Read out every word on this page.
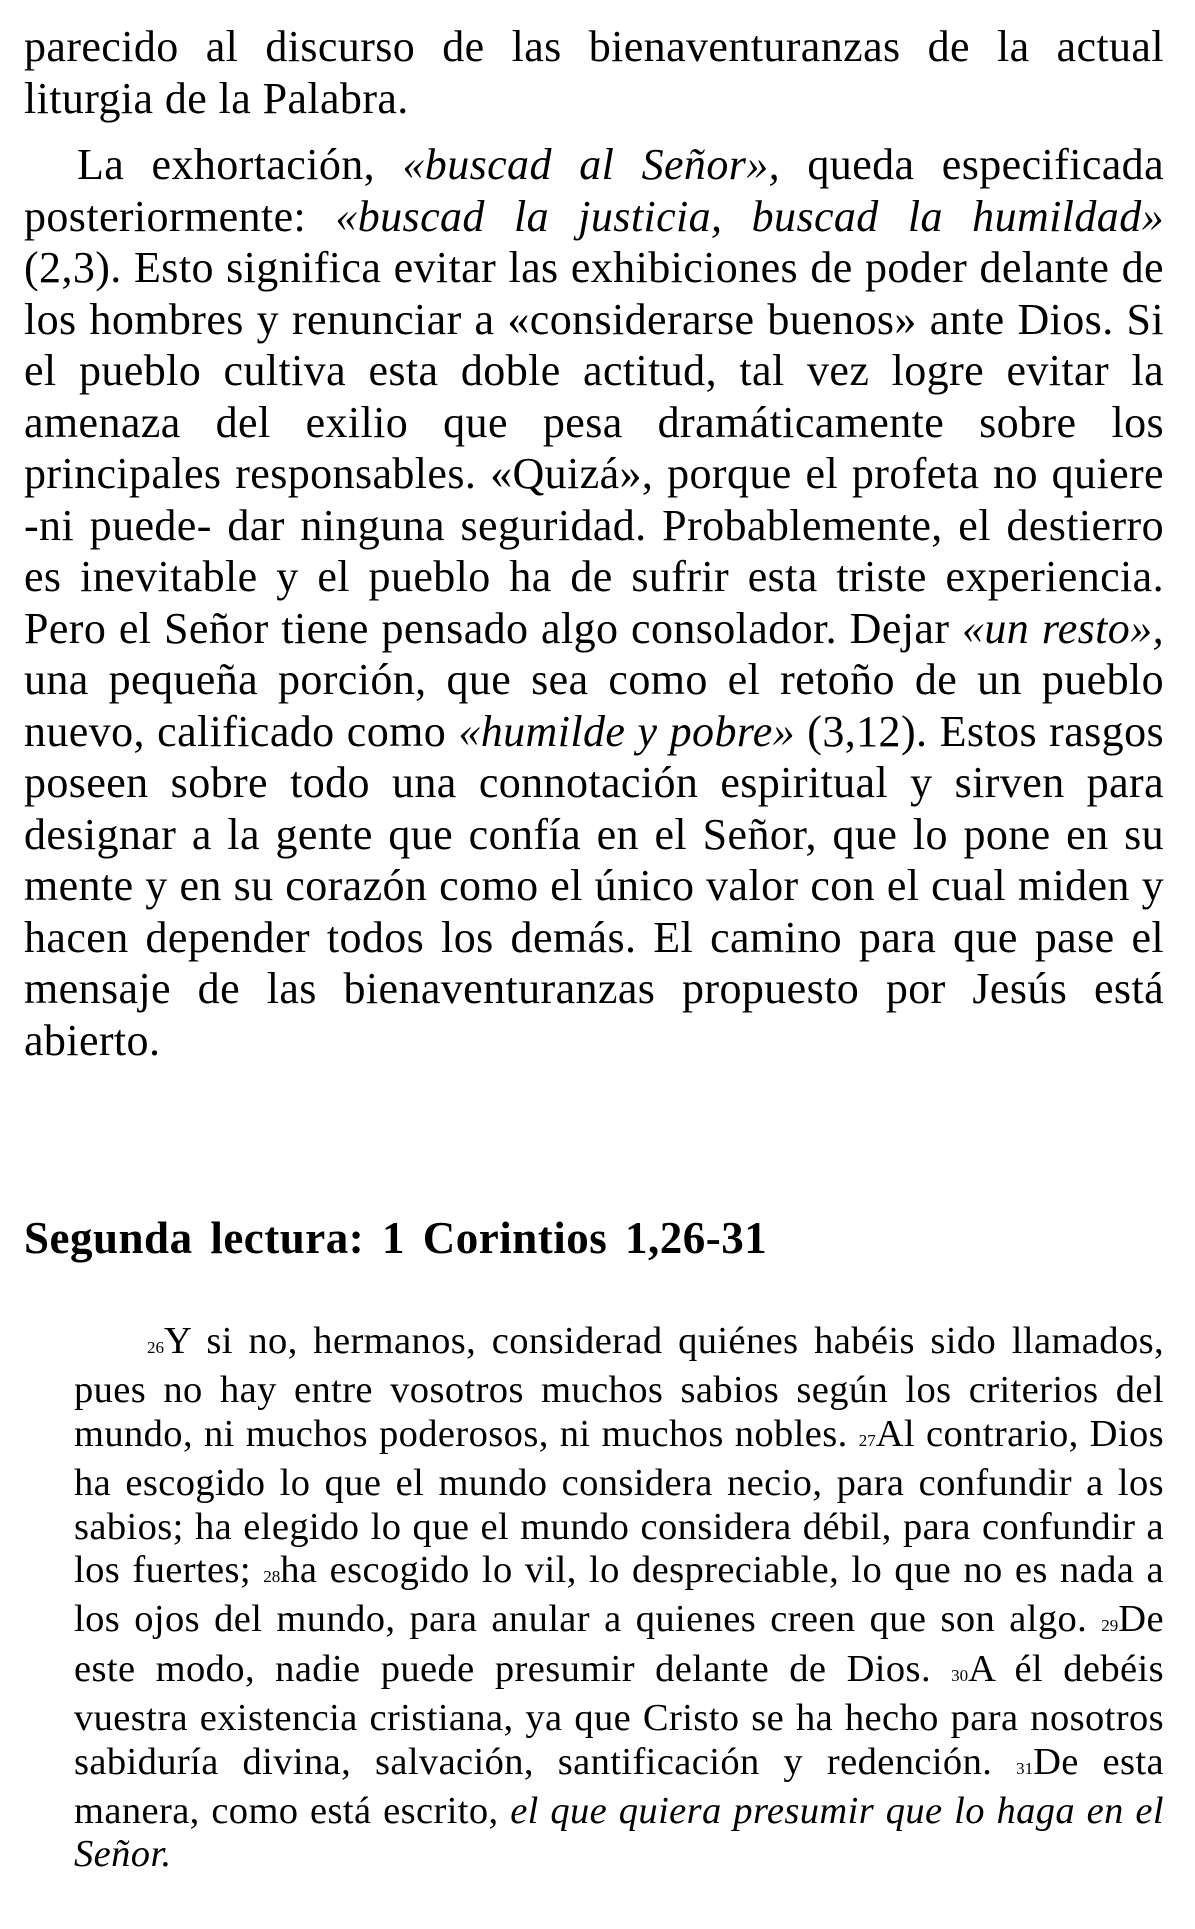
parecido al discurso de las bienaventuranzas de la actual liturgia de la Palabra.

La exhortación, «buscad al Señor», queda especificada posteriormente: «buscad la justicia, buscad la humildad» (2,3). Esto significa evitar las exhibiciones de poder delante de los hombres y renunciar a «considerarse buenos» ante Dios. Si el pueblo cultiva esta doble actitud, tal vez logre evitar la amenaza del exilio que pesa dramáticamente sobre los principales responsables. «Quizá», porque el profeta no quiere -ni puede- dar ninguna seguridad. Probablemente, el destierro es inevitable y el pueblo ha de sufrir esta triste experiencia. Pero el Señor tiene pensado algo consolador. Dejar «un resto», una pequeña porción, que sea como el retoño de un pueblo nuevo, calificado como «humilde y pobre» (3,12). Estos rasgos poseen sobre todo una connotación espiritual y sirven para designar a la gente que confía en el Señor, que lo pone en su mente y en su corazón como el único valor con el cual miden y hacen depender todos los demás. El camino para que pase el mensaje de las bienaventuranzas propuesto por Jesús está abierto.

Segunda lectura: 1 Corintios 1,26-31

26Y si no, hermanos, considerad quiénes habéis sido llamados, pues no hay entre vosotros muchos sabios según los criterios del mundo, ni muchos poderosos, ni muchos nobles. 27Al contrario, Dios ha escogido lo que el mundo considera necio, para confundir a los sabios; ha elegido lo que el mundo considera débil, para confundir a los fuertes; 28ha escogido lo vil, lo despreciable, lo que no es nada a los ojos del mundo, para anular a quienes creen que son algo. 29De este modo, nadie puede presumir delante de Dios. 30A él debéis vuestra existencia cristiana, ya que Cristo se ha hecho para nosotros sabiduría divina, salvación, santificación y redención. 31De esta manera, como está escrito, el que quiera presumir que lo haga en el Señor.
